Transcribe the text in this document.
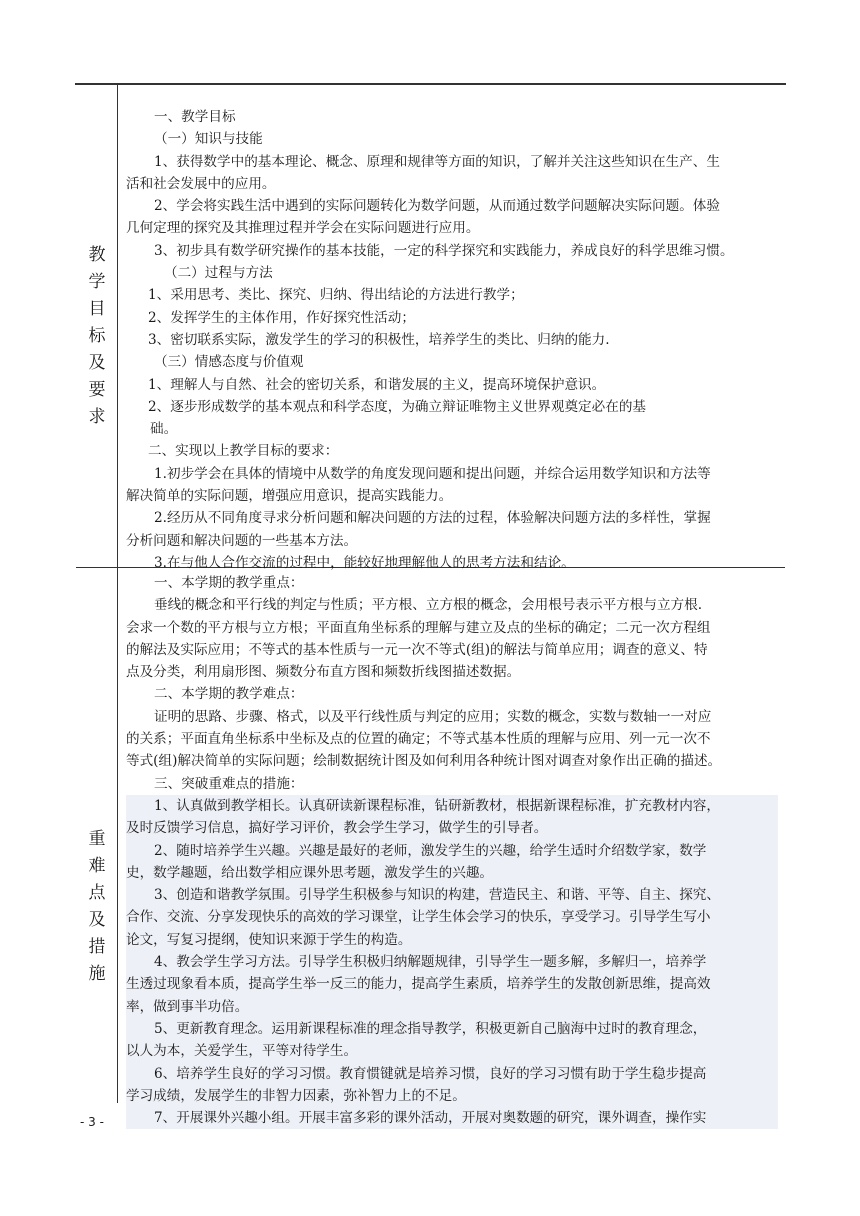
教
学
目
标
及
要
求
一、教学目标
（一）知识与技能
1、获得数学中的基本理论、概念、原理和规律等方面的知识，了解并关注这些知识在生产、生
活和社会发展中的应用。
2、学会将实践生活中遇到的实际问题转化为数学问题，从而通过数学问题解决实际问题。体验
几何定理的探究及其推理过程并学会在实际问题进行应用。
3、初步具有数学研究操作的基本技能，一定的科学探究和实践能力，养成良好的科学思维习惯。
（二）过程与方法
1、采用思考、类比、探究、归纳、得出结论的方法进行教学；
2、发挥学生的主体作用，作好探究性活动；
3、密切联系实际，激发学生的学习的积极性，培养学生的类比、归纳的能力.
（三）情感态度与价值观
1、理解人与自然、社会的密切关系，和谐发展的主义，提高环境保护意识。
2、逐步形成数学的基本观点和科学态度，为确立辩证唯物主义世界观奠定必在的基
础。
二、实现以上教学目标的要求：
1.初步学会在具体的情境中从数学的角度发现问题和提出问题，并综合运用数学知识和方法等
解决简单的实际问题，增强应用意识，提高实践能力。
2.经历从不同角度寻求分析问题和解决问题的方法的过程，体验解决问题方法的多样性，掌握
分析问题和解决问题的一些基本方法。
3.在与他人合作交流的过程中，能较好地理解他人的思考方法和结论。
重
难
点
及
措
施
一、本学期的教学重点：
垂线的概念和平行线的判定与性质；平方根、立方根的概念，会用根号表示平方根与立方根.
会求一个数的平方根与立方根；平面直角坐标系的理解与建立及点的坐标的确定；二元一次方程组
的解法及实际应用；不等式的基本性质与一元一次不等式(组)的解法与简单应用；调查的意义、特
点及分类，利用扇形图、频数分布直方图和频数折线图描述数据。
二、本学期的教学难点：
证明的思路、步骤、格式，以及平行线性质与判定的应用；实数的概念，实数与数轴一一对应
的关系；平面直角坐标系中坐标及点的位置的确定；不等式基本性质的理解与应用、列一元一次不
等式(组)解决简单的实际问题；绘制数据统计图及如何利用各种统计图对调查对象作出正确的描述。
三、突破重难点的措施：
1、认真做到教学相长。认真研读新课程标准，钻研新教材，根据新课程标准，扩充教材内容，
及时反馈学习信息，搞好学习评价，教会学生学习，做学生的引导者。
2、随时培养学生兴趣。兴趣是最好的老师，激发学生的兴趣，给学生适时介绍数学家，数学
史，数学趣题，给出数学相应课外思考题，激发学生的兴趣。
3、创造和谐教学氛围。引导学生积极参与知识的构建，营造民主、和谐、平等、自主、探究、
合作、交流、分享发现快乐的高效的学习课堂，让学生体会学习的快乐，享受学习。引导学生写小
论文，写复习提纲，使知识来源于学生的构造。
4、教会学生学习方法。引导学生积极归纳解题规律，引导学生一题多解，多解归一，培养学
生透过现象看本质，提高学生举一反三的能力，提高学生素质，培养学生的发散创新思维，提高效
率，做到事半功倍。
5、更新教育理念。运用新课程标准的理念指导教学，积极更新自己脑海中过时的教育理念，
以人为本，关爱学生，平等对待学生。
6、培养学生良好的学习习惯。教育惯键就是培养习惯，良好的学习习惯有助于学生稳步提高
学习成绩，发展学生的非智力因素，弥补智力上的不足。
7、开展课外兴趣小组。开展丰富多彩的课外活动，开展对奥数题的研究，课外调查，操作实
- 3 -
